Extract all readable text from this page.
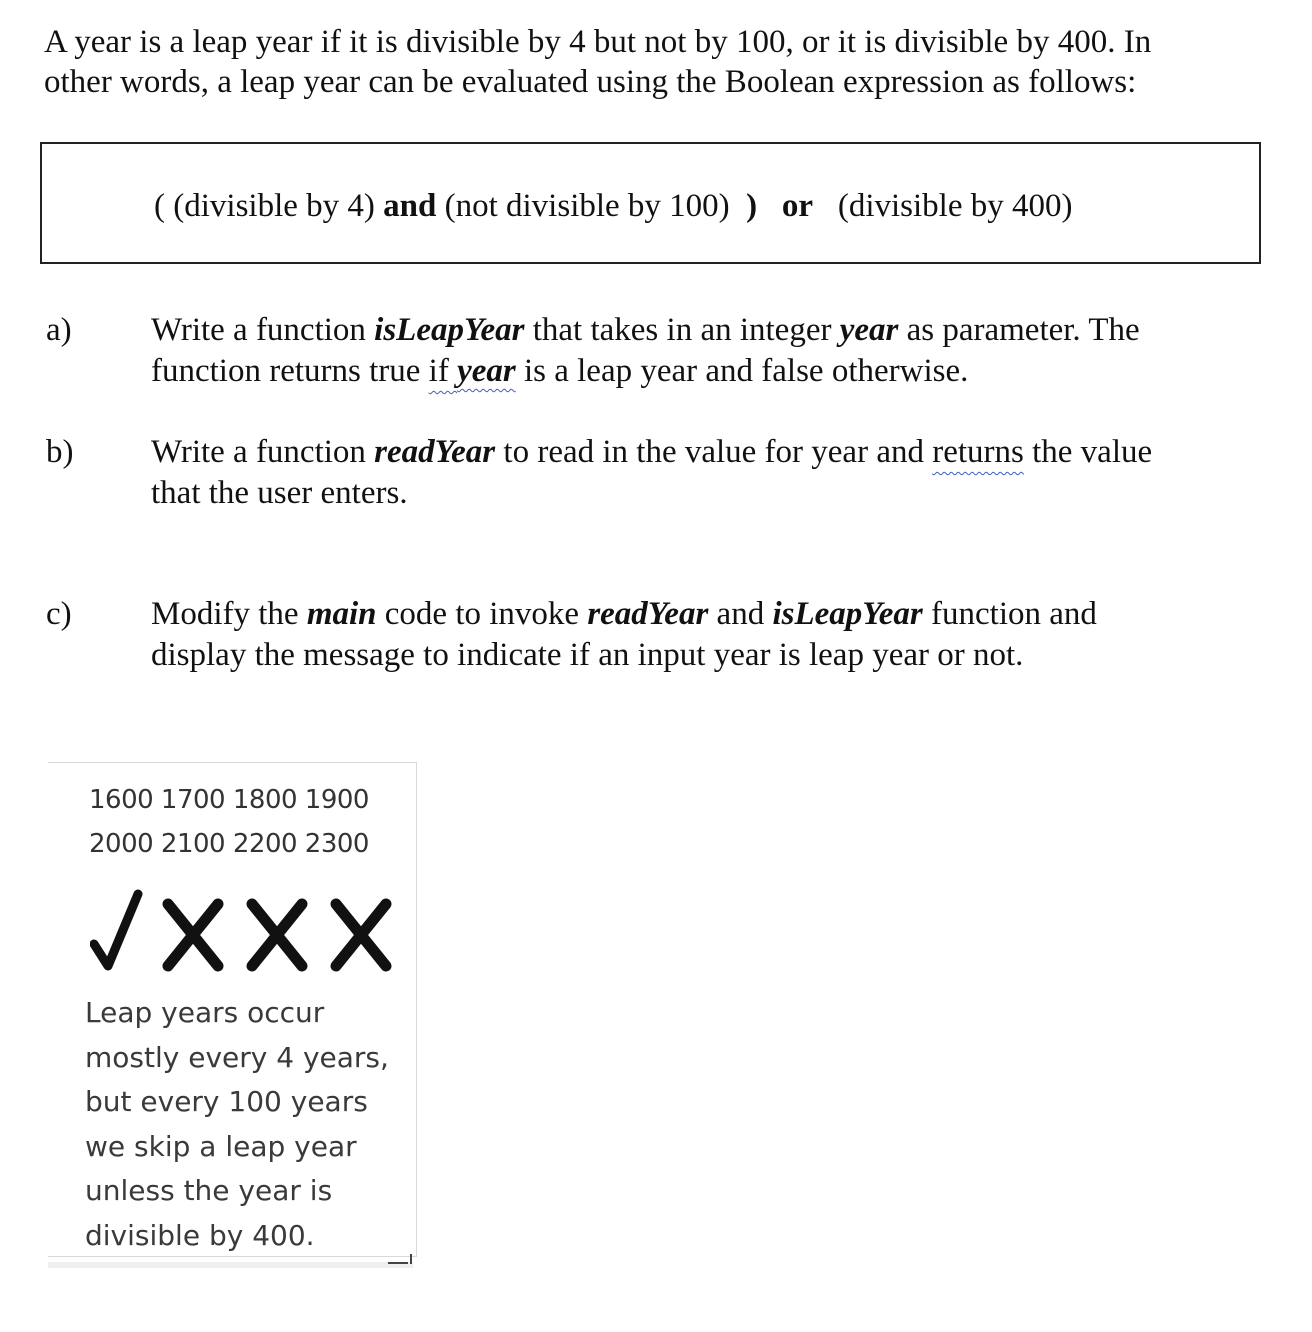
A year is a leap year if it is divisible by 4 but not by 100, or it is divisible by 400. In

other words, a leap year can be evaluated using the Boolean expression as follows:

( (divisible by 4) and (not divisible by 100)  ) or   (divisible by 400)
a) Write a function isLeapYear that takes in an integer year as parameter. The

function returns true if year is a leap year and false otherwise.

b) Write a function readYear to read in the value for year and returns the value

that the user enters.

c) Modify the main code to invoke readYear and isLeapYear function and

display the message to indicate if an input year is leap year or not.

1600 1700 1800 1900
2000 2100 2200 2300

Leap years occur

mostly every 4 years,

but every 100 years

we skip a leap year

unless the year is

divisible by 400.
